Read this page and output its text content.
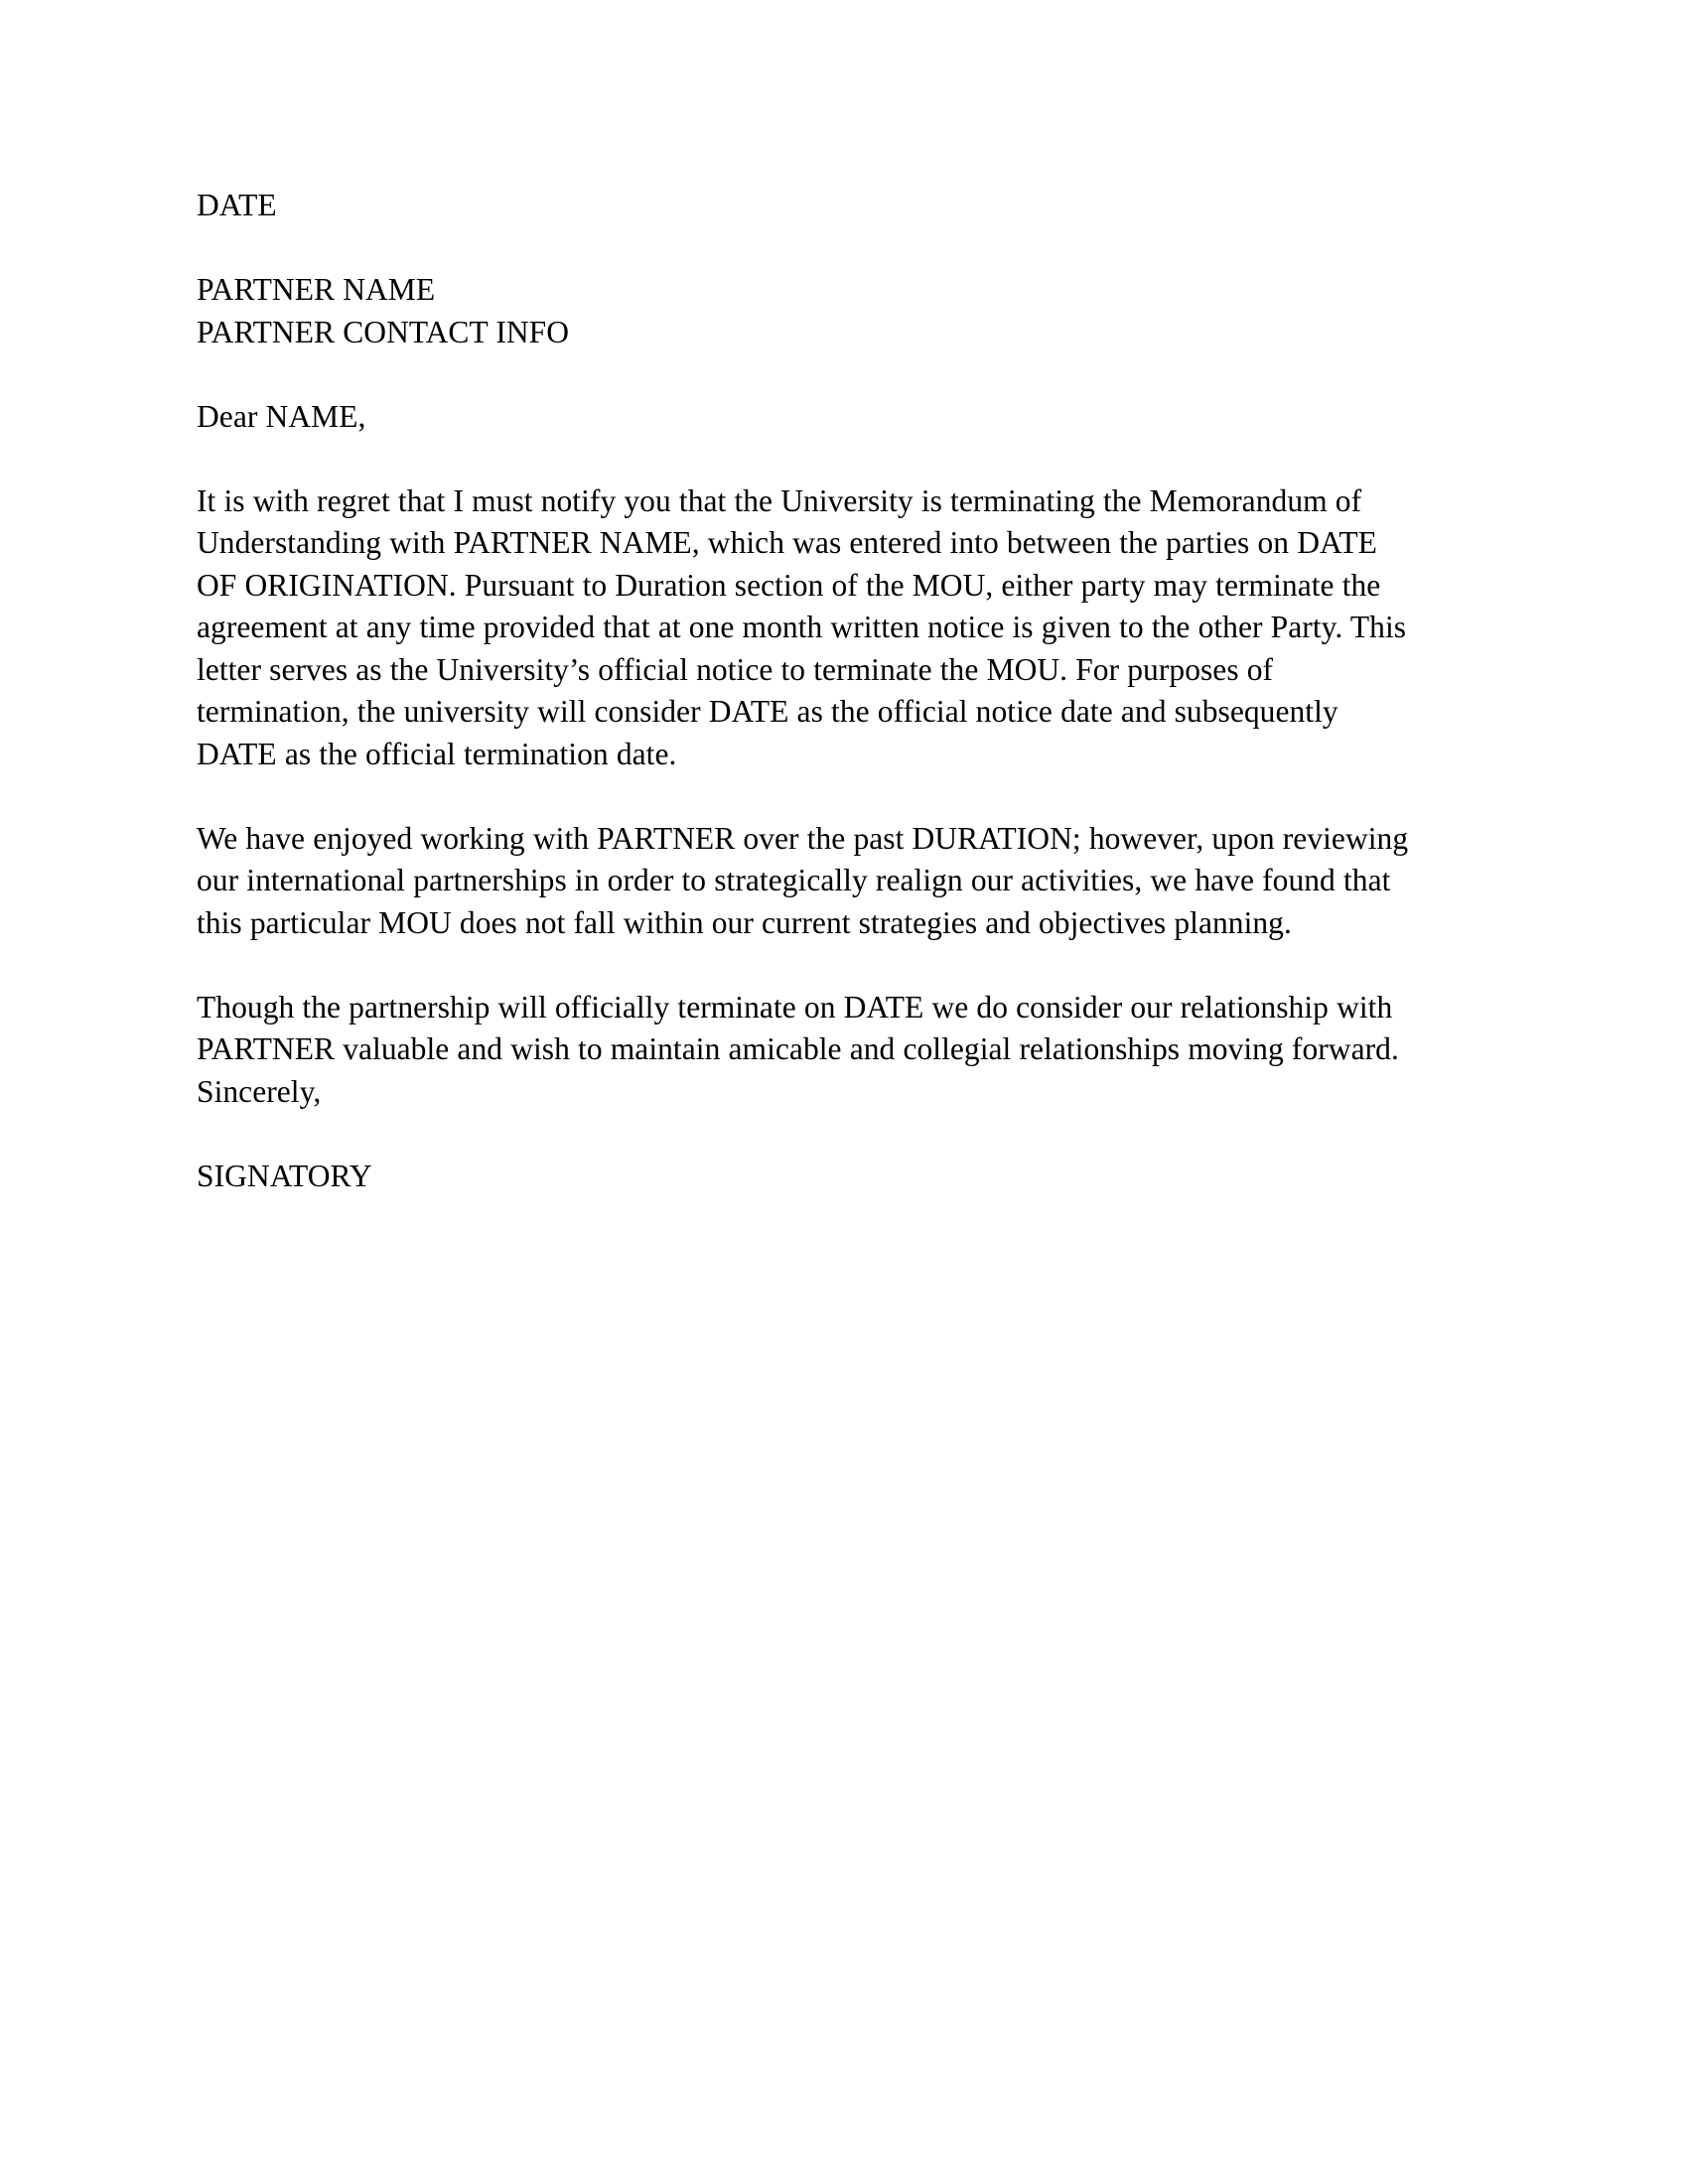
DATE
PARTNER NAME
PARTNER CONTACT INFO
Dear NAME,
It is with regret that I must notify you that the University is terminating the Memorandum of
Understanding with PARTNER NAME, which was entered into between the parties on DATE
OF ORIGINATION. Pursuant to Duration section of the MOU, either party may terminate the
agreement at any time provided that at one month written notice is given to the other Party. This
letter serves as the University’s official notice to terminate the MOU. For purposes of
termination, the university will consider DATE as the official notice date and subsequently
DATE as the official termination date.
We have enjoyed working with PARTNER over the past DURATION; however, upon reviewing
our international partnerships in order to strategically realign our activities, we have found that
this particular MOU does not fall within our current strategies and objectives planning.
Though the partnership will officially terminate on DATE we do consider our relationship with
PARTNER valuable and wish to maintain amicable and collegial relationships moving forward.
Sincerely,
SIGNATORY
